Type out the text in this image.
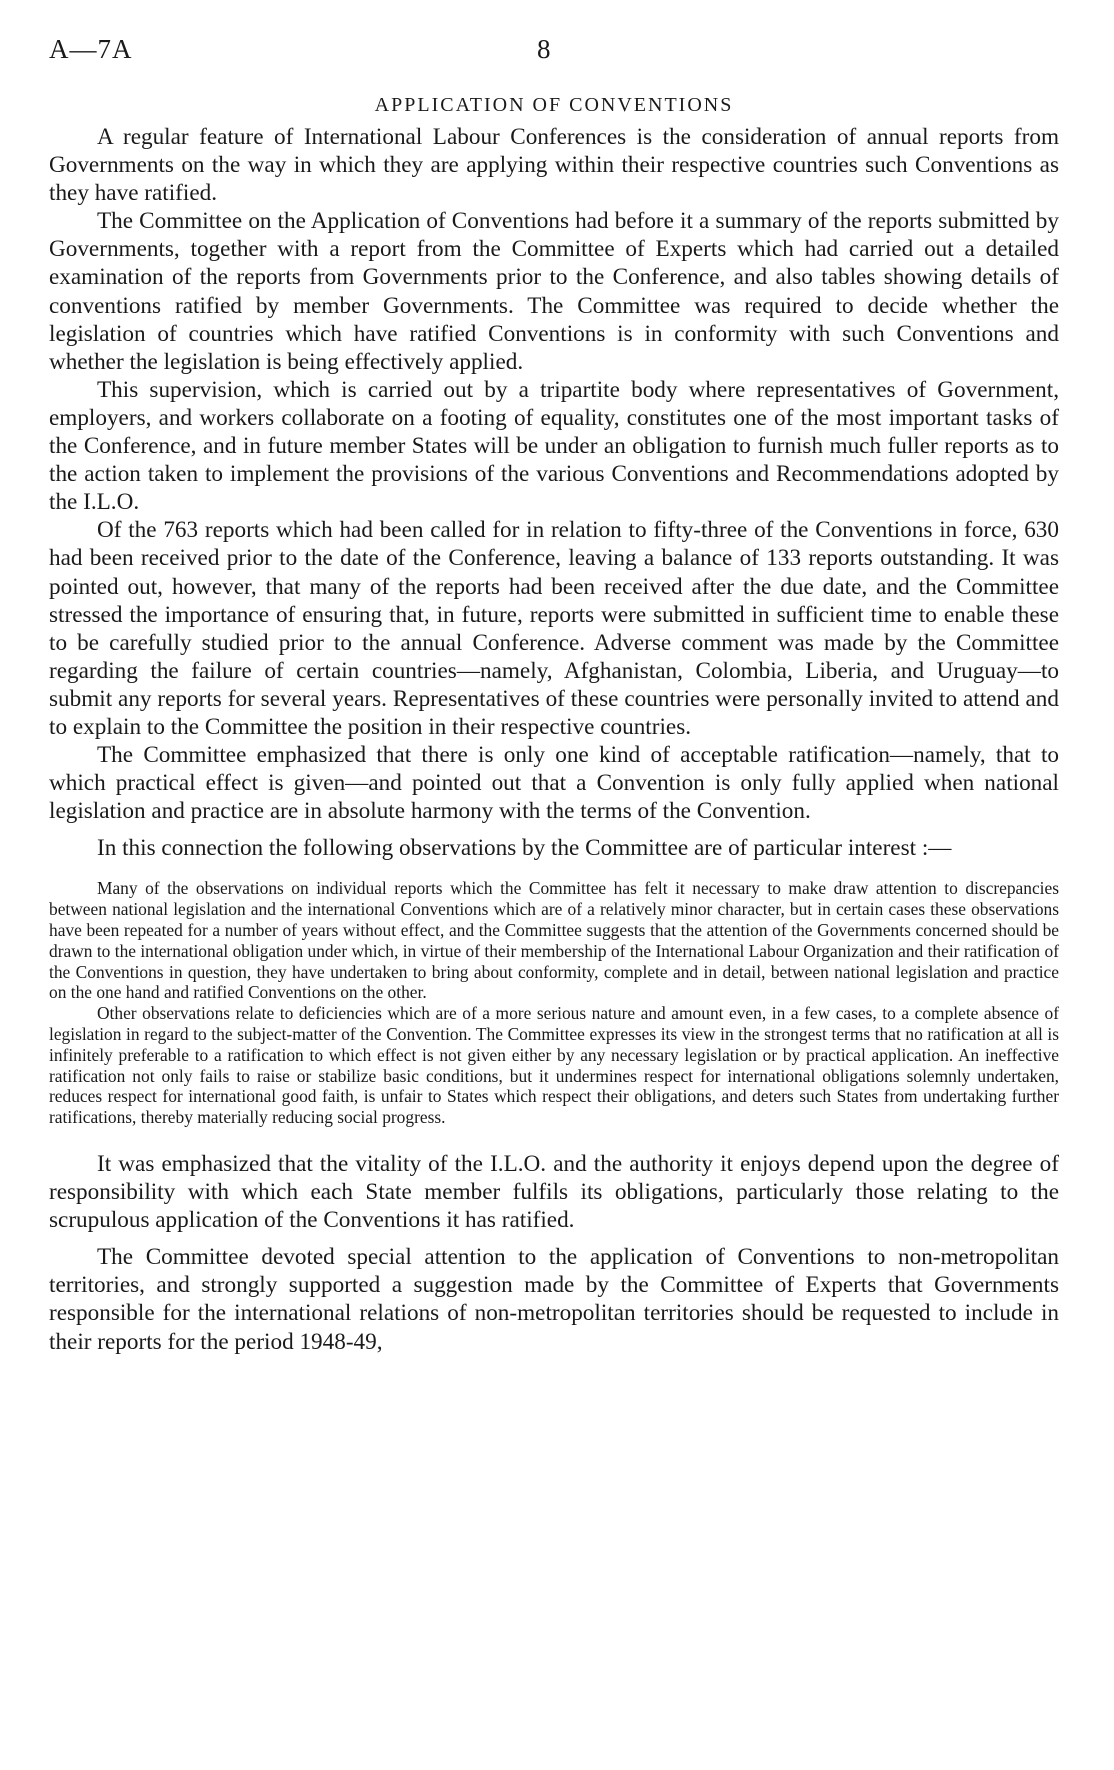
A—7A	8
APPLICATION OF CONVENTIONS

A regular feature of International Labour Conferences is the consideration of annual reports from Governments on the way in which they are applying within their respective countries such Conventions as they have ratified.

The Committee on the Application of Conventions had before it a summary of the reports submitted by Governments, together with a report from the Committee of Experts which had carried out a detailed examination of the reports from Governments prior to the Conference, and also tables showing details of conventions ratified by member Governments. The Committee was required to decide whether the legislation of countries which have ratified Conventions is in conformity with such Conventions and whether the legislation is being effectively applied.

This supervision, which is carried out by a tripartite body where representatives of Government, employers, and workers collaborate on a footing of equality, constitutes one of the most important tasks of the Conference, and in future member States will be under an obligation to furnish much fuller reports as to the action taken to implement the provisions of the various Conventions and Recommendations adopted by the I.L.O.

Of the 763 reports which had been called for in relation to fifty-three of the Conventions in force, 630 had been received prior to the date of the Conference, leaving a balance of 133 reports outstanding. It was pointed out, however, that many of the reports had been received after the due date, and the Committee stressed the importance of ensuring that, in future, reports were submitted in sufficient time to enable these to be carefully studied prior to the annual Conference. Adverse comment was made by the Committee regarding the failure of certain countries—namely, Afghanistan, Colombia, Liberia, and Uruguay—to submit any reports for several years. Representatives of these countries were personally invited to attend and to explain to the Committee the position in their respective countries.

The Committee emphasized that there is only one kind of acceptable ratification—namely, that to which practical effect is given—and pointed out that a Convention is only fully applied when national legislation and practice are in absolute harmony with the terms of the Convention.

In this connection the following observations by the Committee are of particular interest :—

Many of the observations on individual reports which the Committee has felt it necessary to make draw attention to discrepancies between national legislation and the international Conventions which are of a relatively minor character, but in certain cases these observations have been repeated for a number of years without effect, and the Committee suggests that the attention of the Governments concerned should be drawn to the international obligation under which, in virtue of their membership of the International Labour Organization and their ratification of the Conventions in question, they have undertaken to bring about conformity, complete and in detail, between national legislation and practice on the one hand and ratified Conventions on the other.

Other observations relate to deficiencies which are of a more serious nature and amount even, in a few cases, to a complete absence of legislation in regard to the subject-matter of the Convention. The Committee expresses its view in the strongest terms that no ratification at all is infinitely preferable to a ratification to which effect is not given either by any necessary legislation or by practical application. An ineffective ratification not only fails to raise or stabilize basic conditions, but it undermines respect for international obligations solemnly undertaken, reduces respect for international good faith, is unfair to States which respect their obligations, and deters such States from undertaking further ratifications, thereby materially reducing social progress.

It was emphasized that the vitality of the I.L.O. and the authority it enjoys depend upon the degree of responsibility with which each State member fulfils its obligations, particularly those relating to the scrupulous application of the Conventions it has ratified.

The Committee devoted special attention to the application of Conventions to non-metropolitan territories, and strongly supported a suggestion made by the Committee of Experts that Governments responsible for the international relations of non-metropolitan territories should be requested to include in their reports for the period 1948-49,
